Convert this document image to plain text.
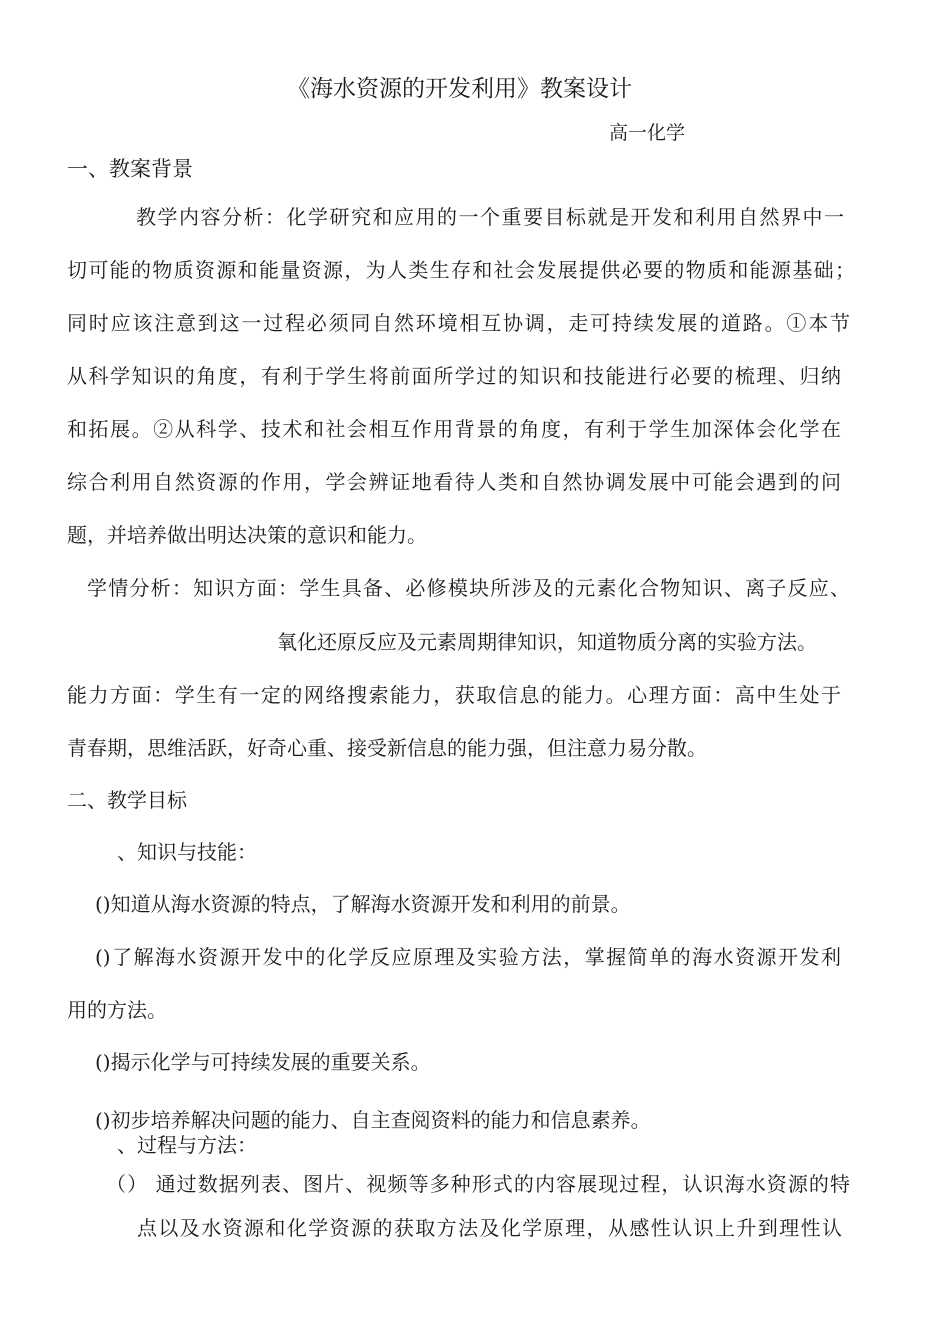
《海水资源的开发利用》教案设计

高一化学

一、教案背景

教学内容分析：化学研究和应用的一个重要目标就是开发和利用自然界中一

切可能的物质资源和能量资源，为人类生存和社会发展提供必要的物质和能源基础；

同时应该注意到这一过程必须同自然环境相互协调，走可持续发展的道路。①本节

从科学知识的角度，有利于学生将前面所学过的知识和技能进行必要的梳理、归纳

和拓展。②从科学、技术和社会相互作用背景的角度，有利于学生加深体会化学在

综合利用自然资源的作用，学会辨证地看待人类和自然协调发展中可能会遇到的问

题，并培养做出明达决策的意识和能力。

学情分析：知识方面：学生具备、必修模块所涉及的元素化合物知识、离子反应、

氧化还原反应及元素周期律知识，知道物质分离的实验方法。

能力方面：学生有一定的网络搜索能力，获取信息的能力。心理方面：高中生处于

青春期，思维活跃，好奇心重、接受新信息的能力强，但注意力易分散。

二、教学目标

、知识与技能：

()知道从海水资源的特点，了解海水资源开发和利用的前景。

()了解海水资源开发中的化学反应原理及实验方法，掌握简单的海水资源开发利

用的方法。

()揭示化学与可持续发展的重要关系。

()初步培养解决问题的能力、自主查阅资料的能力和信息素养。

、过程与方法：

（） 通过数据列表、图片、视频等多种形式的内容展现过程，认识海水资源的特

点以及水资源和化学资源的获取方法及化学原理，从感性认识上升到理性认
